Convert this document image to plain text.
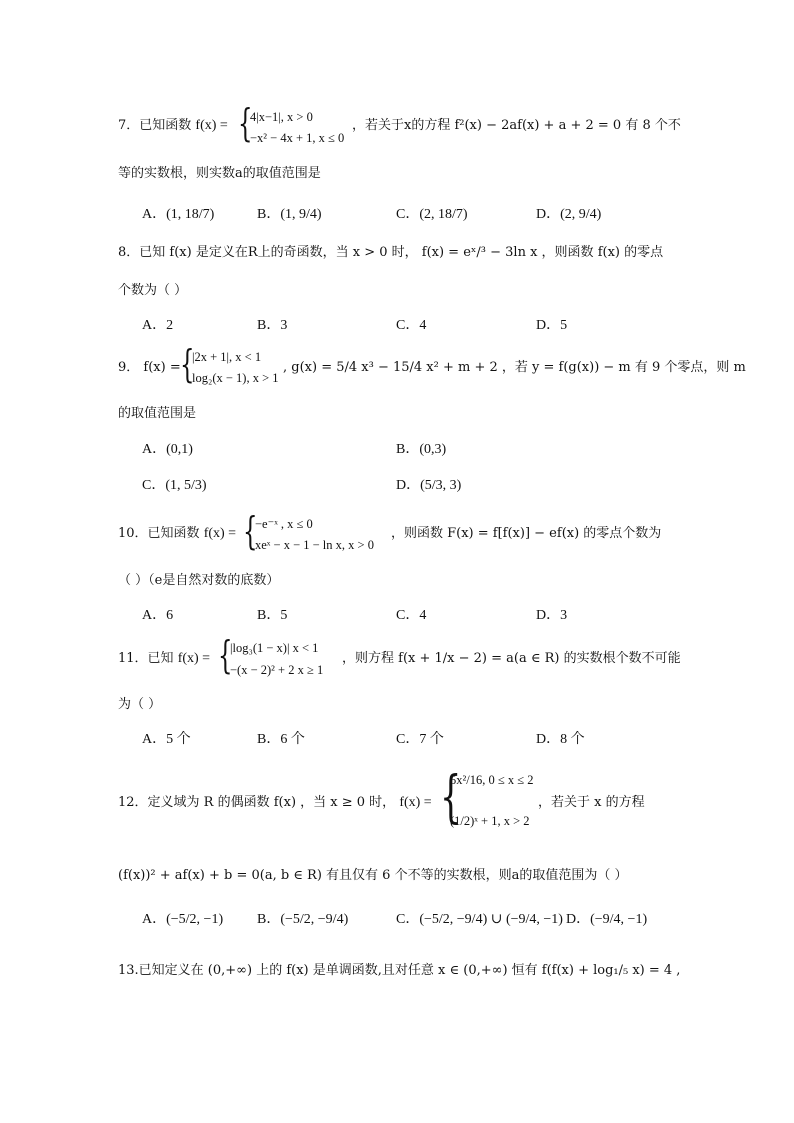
7．已知函数 f(x) = {
4|x−1|, x > 0
−x² − 4x + 1, x ≤ 0
，若关于x的方程 f²(x) − 2af(x) + a + 2 = 0 有 8 个不
等的实数根，则实数a的取值范围是
A．(1, 18/7)	B．(1, 9/4)	C．(2, 18/7)	D．(2, 9/4)
8．已知 f(x) 是定义在R上的奇函数，当 x > 0 时， f(x) = eˣ/³ − 3ln x ，则函数 f(x) 的零点
个数为（ ）
A．2	B．3	C．4	D．5
9． f(x) = {
|2x + 1|, x < 1
log₂(x − 1), x > 1
, g(x) = 5/4 x³ − 15/4 x² + m + 2 ，若 y = f(g(x)) − m 有 9 个零点，则 m
的取值范围是
A．(0,1)	B．(0,3)
C．(1, 5/3)	D．(5/3, 3)
10．已知函数 f(x) = {
−e⁻ˣ , x ≤ 0
xeˣ − x − 1 − ln x, x > 0
，则函数 F(x) = f[f(x)] − ef(x) 的零点个数为
（ ）（e是自然对数的底数）
A．6	B．5	C．4	D．3
11．已知 f(x) = {
|log₃(1 − x)| x < 1
−(x − 2)² + 2 x ≥ 1
，则方程 f(x + 1/x − 2) = a(a ∈ R) 的实数根个数不可能
为（ ）
A．5 个	B．6 个	C．7 个	D．8 个
12．定义域为 R 的偶函数 f(x) ，当 x ≥ 0 时， f(x) = {
5x²/16, 0 ≤ x ≤ 2
(1/2)ˣ + 1, x > 2
，若关于 x 的方程
(f(x))² + af(x) + b = 0(a, b ∈ R) 有且仅有 6 个不等的实数根，则a的取值范围为（ ）
A．(−5/2, −1) B．(−5/2, −9/4)	C．(−5/2, −9/4) ∪ (−9/4, −1) D．(−9/4, −1)
13.已知定义在 (0,+∞) 上的 f(x) 是单调函数,且对任意 x ∈ (0,+∞) 恒有 f(f(x) + log₁/₅ x) = 4 ,
